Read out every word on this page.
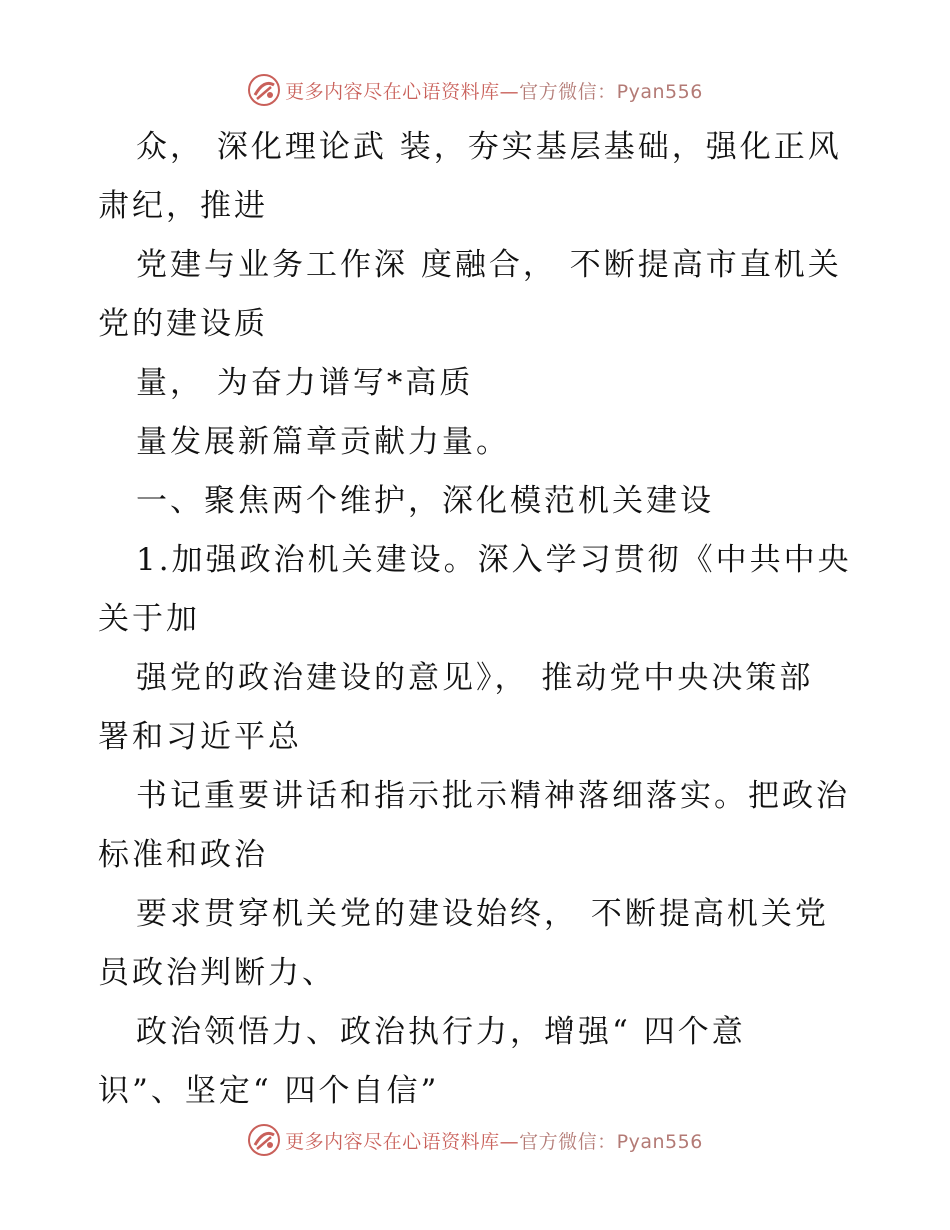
更多内容尽在心语资料库—官方微信：Pyan556
众， 深化理论武 装，夯实基层基础，强化正风
肃纪，推进
党建与业务工作深 度融合， 不断提高市直机关
党的建设质
量， 为奋力谱写*高质
量发展新篇章贡献力量。
一、聚焦两个维护，深化模范机关建设
1.加强政治机关建设。深入学习贯彻《中共中央
关于加
强党的政治建设的意见》， 推动党中央决策部
署和习近平总
书记重要讲话和指示批示精神落细落实。把政治
标准和政治
要求贯穿机关党的建设始终， 不断提高机关党
员政治判断力、
政治领悟力、政治执行力，增强“ 四个意
识”、坚定“ 四个自信”
更多内容尽在心语资料库—官方微信：Pyan556
